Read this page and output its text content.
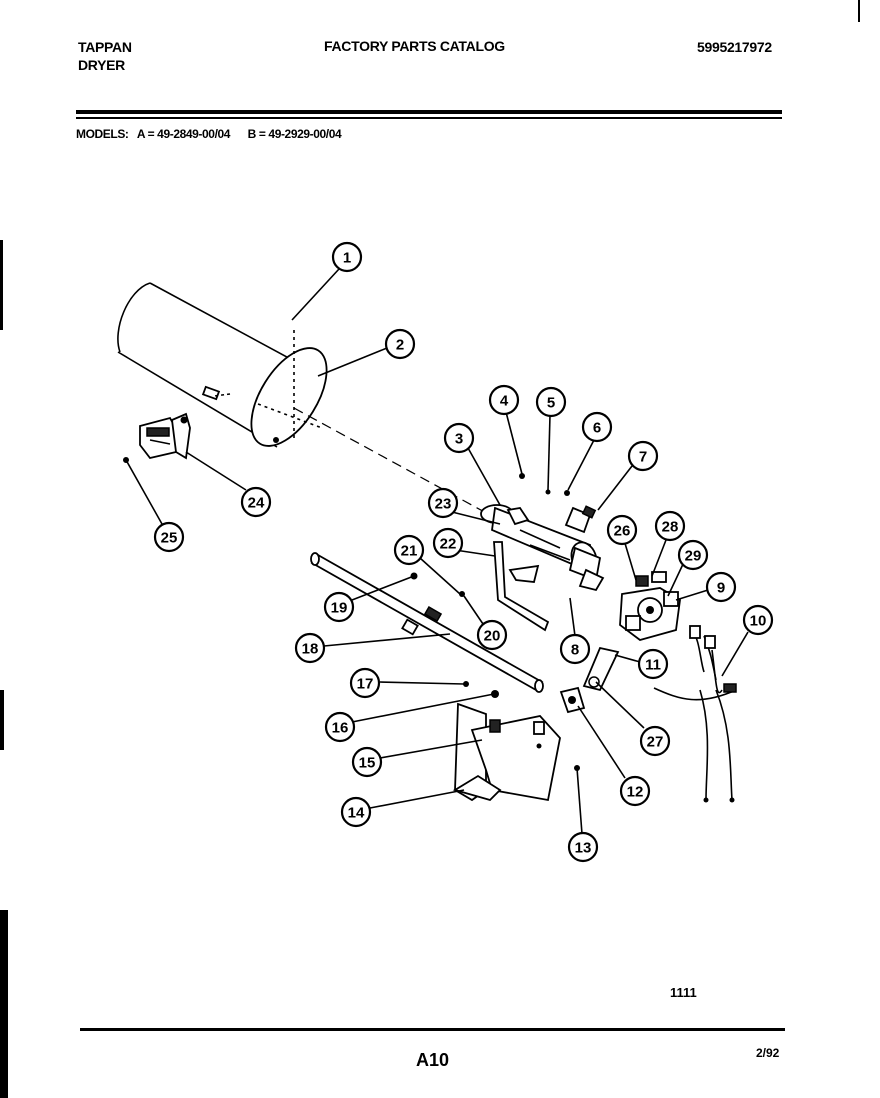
TAPPAN
DRYER
FACTORY PARTS CATALOG	5995217972
MODELS: A = 49-2849-00/04 B = 49-2929-00/04
1
2
3
4	5
6
7
8
9
10
11
12
13
14
15
16
17
18
19
20
21 22
23
24
25	26
27
28
29
1111
A10	2/92
